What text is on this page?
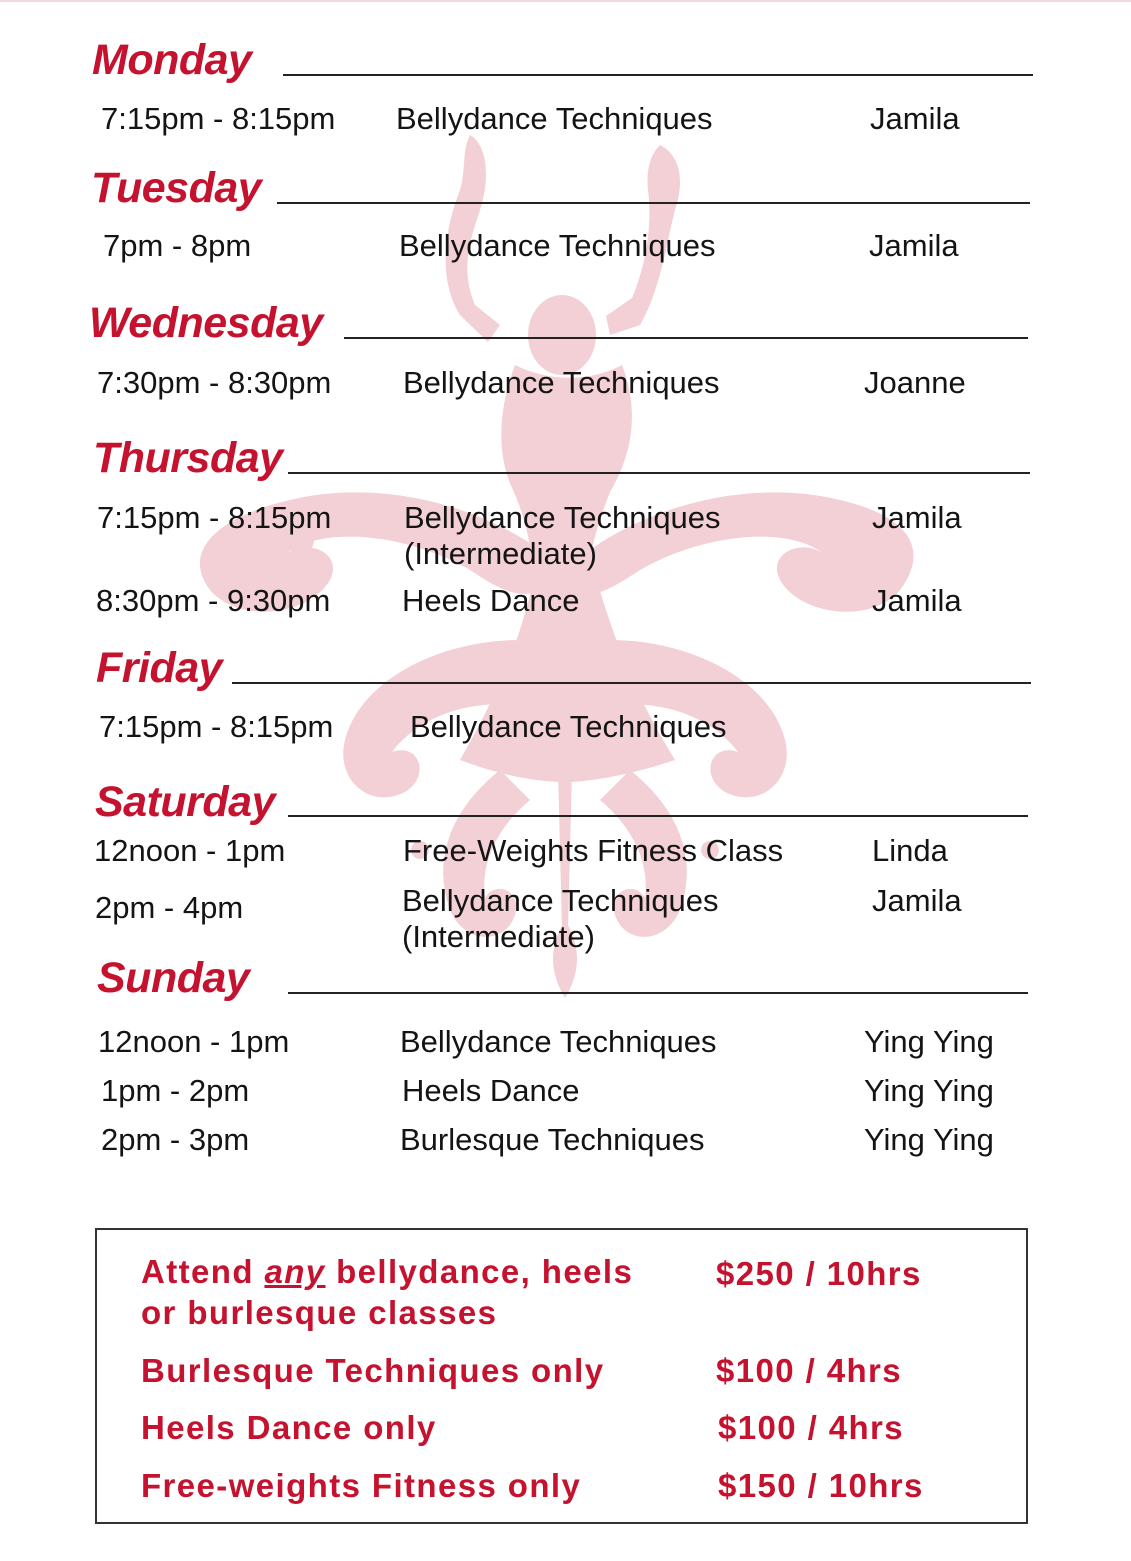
Monday
7:15pm - 8:15pm Bellydance Techniques	Jamila
Tuesday
7pm - 8pm	Bellydance Techniques	Jamila
Wednesday
7:30pm - 8:30pm Bellydance Techniques	Joanne
Thursday
7:15pm - 8:15pm Bellydance Techniques
(Intermediate)
Jamila
8:30pm - 9:30pm Heels Dance	Jamila
Friday
7:15pm - 8:15pm Bellydance Techniques
Saturday
12noon - 1pm	Free-Weights Fitness Class	Linda
2pm - 4pm	Bellydance Techniques
(Intermediate)
Jamila
Sunday
12noon - 1pm	Bellydance Techniques	Ying Ying
1pm - 2pm	Heels Dance	Ying Ying
2pm - 3pm	Burlesque Techniques	Ying Ying
Attend any bellydance, heels
or burlesque classes
$250 / 10hrs
Burlesque Techniques only	$100 / 4hrs
Heels Dance only	$100 / 4hrs
Free-weights Fitness only	$150 / 10hrs
